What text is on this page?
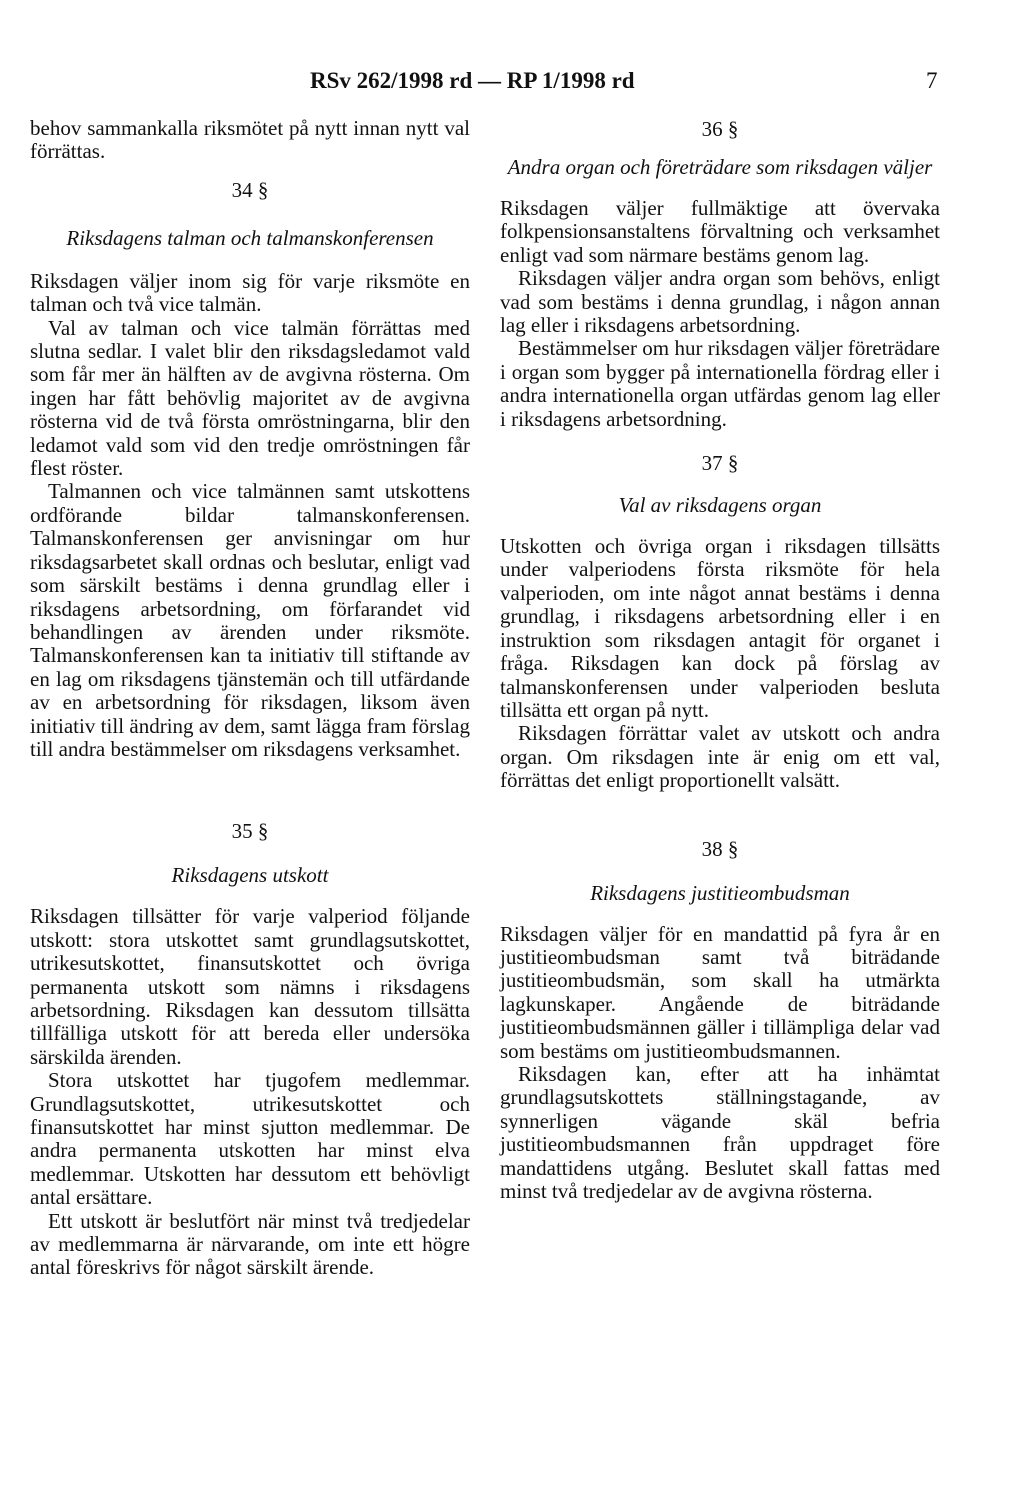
RSv 262/1998 rd — RP 1/1998 rd	7

behov sammankalla riksmötet på nytt innan nytt val förrättas.

34 §

Riksdagens talman och talmanskonferensen

Riksdagen väljer inom sig för varje riksmöte en talman och två vice talmän.

Val av talman och vice talmän förrättas med slutna sedlar. I valet blir den riksdagsledamot vald som får mer än hälften av de avgivna rösterna. Om ingen har fått behövlig majoritet av de avgivna rösterna vid de två första omröstningarna, blir den ledamot vald som vid den tredje omröstningen får flest röster.

Talmannen och vice talmännen samt utskottens ordförande bildar talmanskonferensen. Talmanskonferensen ger anvisningar om hur riksdagsarbetet skall ordnas och beslutar, enligt vad som särskilt bestäms i denna grundlag eller i riksdagens arbetsordning, om förfarandet vid behandlingen av ärenden under riksmöte. Talmanskonferensen kan ta initiativ till stiftande av en lag om riksdagens tjänstemän och till utfärdande av en arbetsordning för riksdagen, liksom även initiativ till ändring av dem, samt lägga fram förslag till andra bestämmelser om riksdagens verksamhet.

35 §

Riksdagens utskott

Riksdagen tillsätter för varje valperiod följande utskott: stora utskottet samt grundlagsutskottet, utrikesutskottet, finansutskottet och övriga permanenta utskott som nämns i riksdagens arbetsordning. Riksdagen kan dessutom tillsätta tillfälliga utskott för att bereda eller undersöka särskilda ärenden.

Stora utskottet har tjugofem medlemmar. Grundlagsutskottet, utrikesutskottet och finansutskottet har minst sjutton medlemmar. De andra permanenta utskotten har minst elva medlemmar. Utskotten har dessutom ett behövligt antal ersättare.

Ett utskott är beslutfört när minst två tredjedelar av medlemmarna är närvarande, om inte ett högre antal föreskrivs för något särskilt ärende.

36 §

Andra organ och företrädare som riksdagen väljer

Riksdagen väljer fullmäktige att övervaka folkpensionsanstaltens förvaltning och verksamhet enligt vad som närmare bestäms genom lag.

Riksdagen väljer andra organ som behövs, enligt vad som bestäms i denna grundlag, i någon annan lag eller i riksdagens arbetsordning.

Bestämmelser om hur riksdagen väljer företrädare i organ som bygger på internationella fördrag eller i andra internationella organ utfärdas genom lag eller i riksdagens arbetsordning.

37 §

Val av riksdagens organ

Utskotten och övriga organ i riksdagen tillsätts under valperiodens första riksmöte för hela valperioden, om inte något annat bestäms i denna grundlag, i riksdagens arbetsordning eller i en instruktion som riksdagen antagit för organet i fråga. Riksdagen kan dock på förslag av talmanskonferensen under valperioden besluta tillsätta ett organ på nytt.

Riksdagen förrättar valet av utskott och andra organ. Om riksdagen inte är enig om ett val, förrättas det enligt proportionellt valsätt.

38 §

Riksdagens justitieombudsman

Riksdagen väljer för en mandattid på fyra år en justitieombudsman samt två biträdande justitieombudsmän, som skall ha utmärkta lagkunskaper. Angående de biträdande justitieombudsmännen gäller i tillämpliga delar vad som bestäms om justitieombudsmannen.

Riksdagen kan, efter att ha inhämtat grundlagsutskottets ställningstagande, av synnerligen vägande skäl befria justitieombudsmannen från uppdraget före mandattidens utgång. Beslutet skall fattas med minst två tredjedelar av de avgivna rösterna.
